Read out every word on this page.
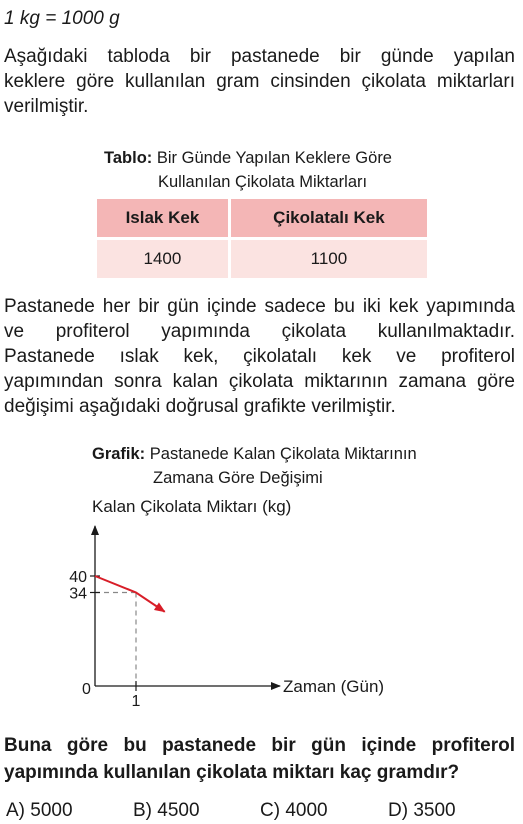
1 kg = 1000 g
Aşağıdaki tabloda bir pastanede bir günde yapılan
keklere göre kullanılan gram cinsinden çikolata miktarları
verilmiştir.
Tablo: Bir Günde Yapılan Keklere Göre
Kullanılan Çikolata Miktarları
Islak Kek	Çikolatalı Kek
1400	1100
Pastanede her bir gün içinde sadece bu iki kek yapımında
ve profiterol yapımında çikolata kullanılmaktadır.
Pastanede ıslak kek, çikolatalı kek ve profiterol
yapımından sonra kalan çikolata miktarının zamana göre
değişimi aşağıdaki doğrusal grafikte verilmiştir.
Grafik: Pastanede Kalan Çikolata Miktarının
Zamana Göre Değişimi
Kalan Çikolata Miktarı (kg)
Zaman (Gün)
0
34
40
1
Buna göre bu pastanede bir gün içinde profiterol
yapımında kullanılan çikolata miktarı kaç gramdır?
A) 5000	B) 4500	C) 4000	D) 3500
